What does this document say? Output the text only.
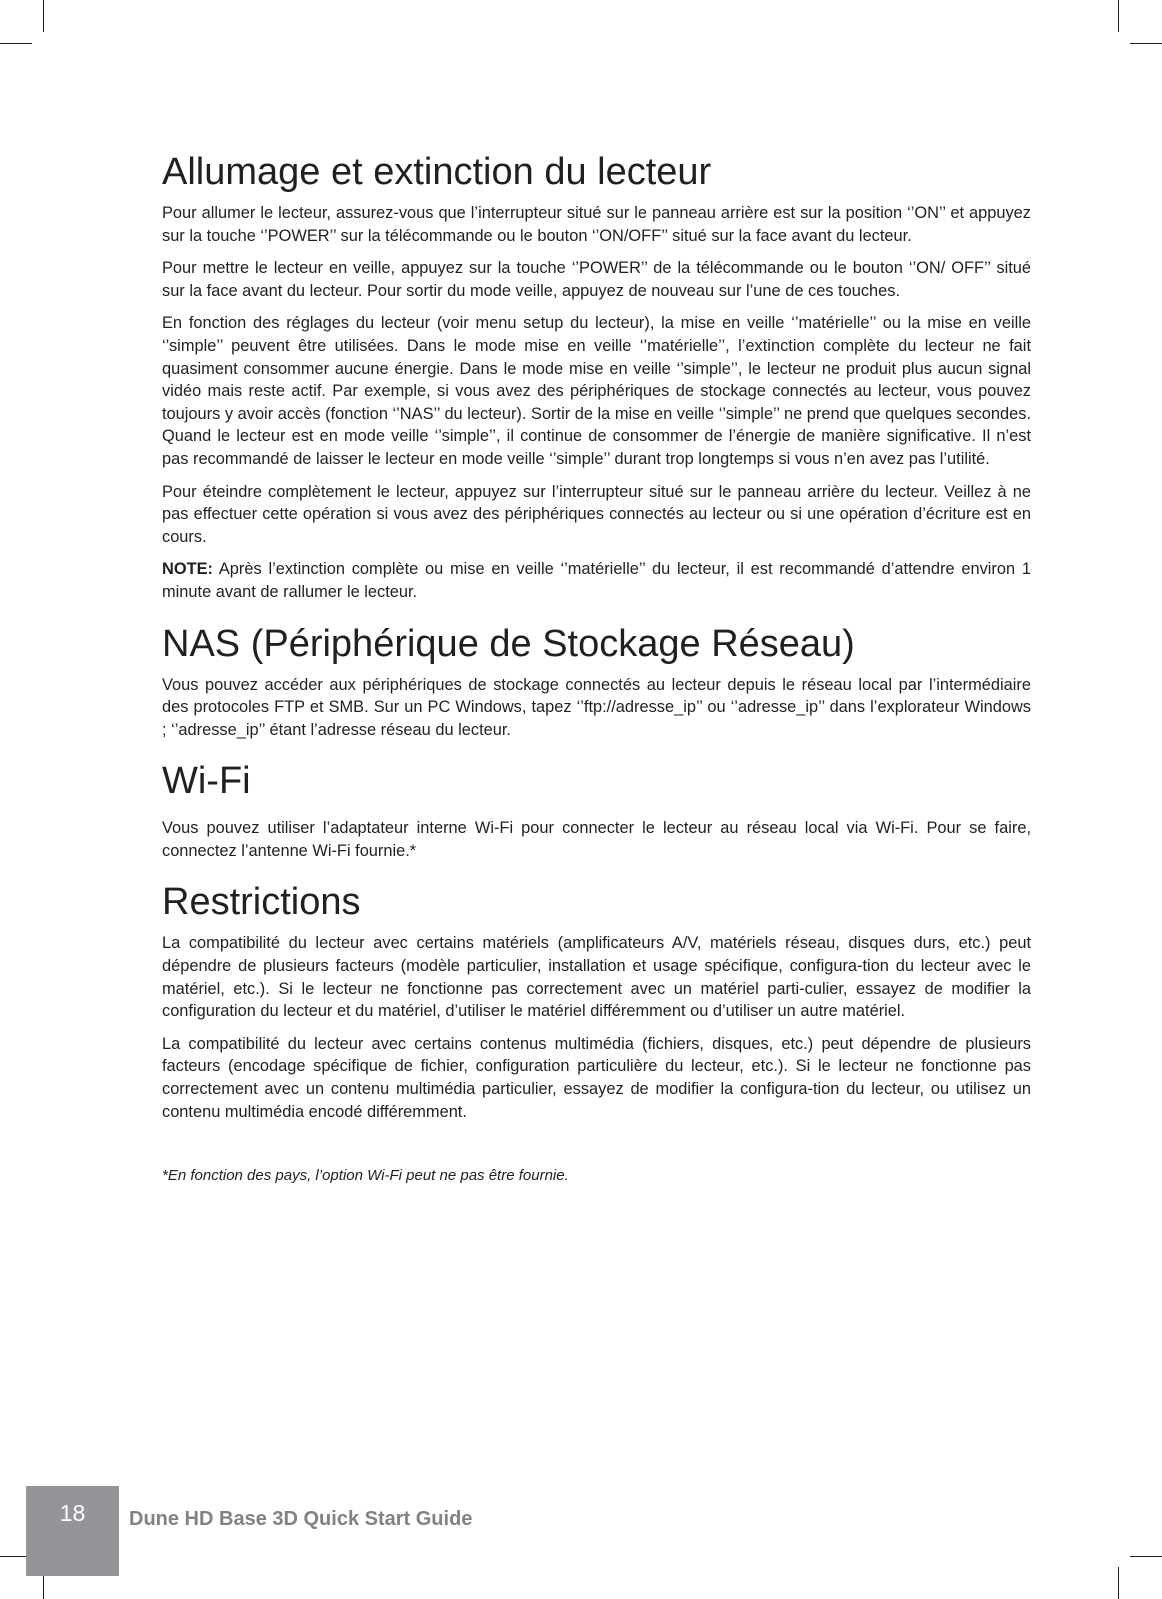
Allumage et extinction du lecteur

Pour allumer le lecteur, assurez-vous que l’interrupteur situé sur le panneau arrière est sur la position ‘’ON’’ et appuyez sur la touche ‘’POWER’’ sur la télécommande ou le bouton ‘’ON/OFF’’ situé sur la face avant du lecteur.

Pour mettre le lecteur en veille, appuyez sur la touche ‘’POWER’’ de la télécommande ou le bouton ‘’ON/ OFF’’ situé sur la face avant du lecteur. Pour sortir du mode veille, appuyez de nouveau sur l’une de ces touches.

En fonction des réglages du lecteur (voir menu setup du lecteur), la mise en veille ‘’matérielle’’ ou la mise en veille ‘’simple’’ peuvent être utilisées. Dans le mode mise en veille ‘’matérielle’’, l’extinction complète du lecteur ne fait quasiment consommer aucune énergie. Dans le mode mise en veille ‘’simple’’, le lecteur ne produit plus aucun signal vidéo mais reste actif. Par exemple, si vous avez des périphériques de stockage connectés au lecteur, vous pouvez toujours y avoir accès (fonction ‘’NAS’’ du lecteur). Sortir de la mise en veille ‘’simple’’ ne prend que quelques secondes. Quand le lecteur est en mode veille ‘’simple’’, il continue de consommer de l’énergie de manière significative. Il n’est pas recommandé de laisser le lecteur en mode veille ‘’simple’’ durant trop longtemps si vous n’en avez pas l’utilité.

Pour éteindre complètement le lecteur, appuyez sur l’interrupteur situé sur le panneau arrière du lecteur. Veillez à ne pas effectuer cette opération si vous avez des périphériques connectés au lecteur ou si une opération d’écriture est en cours.

NOTE: Après l’extinction complète ou mise en veille ‘’matérielle’’ du lecteur, il est recommandé d’attendre environ 1 minute avant de rallumer le lecteur.

NAS (Périphérique de Stockage Réseau)

Vous pouvez accéder aux périphériques de stockage connectés au lecteur depuis le réseau local par l’intermédiaire des protocoles FTP et SMB. Sur un PC Windows, tapez ‘’ftp://adresse_ip’’ ou ‘’adresse_ip’’ dans l’explorateur Windows ; ‘’adresse_ip’’ étant l’adresse réseau du lecteur.

Wi-Fi

Vous pouvez utiliser l’adaptateur interne Wi-Fi pour connecter le lecteur au réseau local via Wi-Fi. Pour se faire, connectez l’antenne Wi-Fi fournie.*

Restrictions

La compatibilité du lecteur avec certains matériels (amplificateurs A/V, matériels réseau, disques durs, etc.) peut dépendre de plusieurs facteurs (modèle particulier, installation et usage spécifique, configura-tion du lecteur avec le matériel, etc.). Si le lecteur ne fonctionne pas correctement avec un matériel parti-culier, essayez de modifier la configuration du lecteur et du matériel, d’utiliser le matériel différemment ou d’utiliser un autre matériel.

La compatibilité du lecteur avec certains contenus multimédia (fichiers, disques, etc.) peut dépendre de plusieurs facteurs (encodage spécifique de fichier, configuration particulière du lecteur, etc.). Si le lecteur ne fonctionne pas correctement avec un contenu multimédia particulier, essayez de modifier la configura-tion du lecteur, ou utilisez un contenu multimédia encodé différemment.

*En fonction des pays, l’option Wi-Fi peut ne pas être fournie.

18	Dune HD Base 3D Quick Start Guide
